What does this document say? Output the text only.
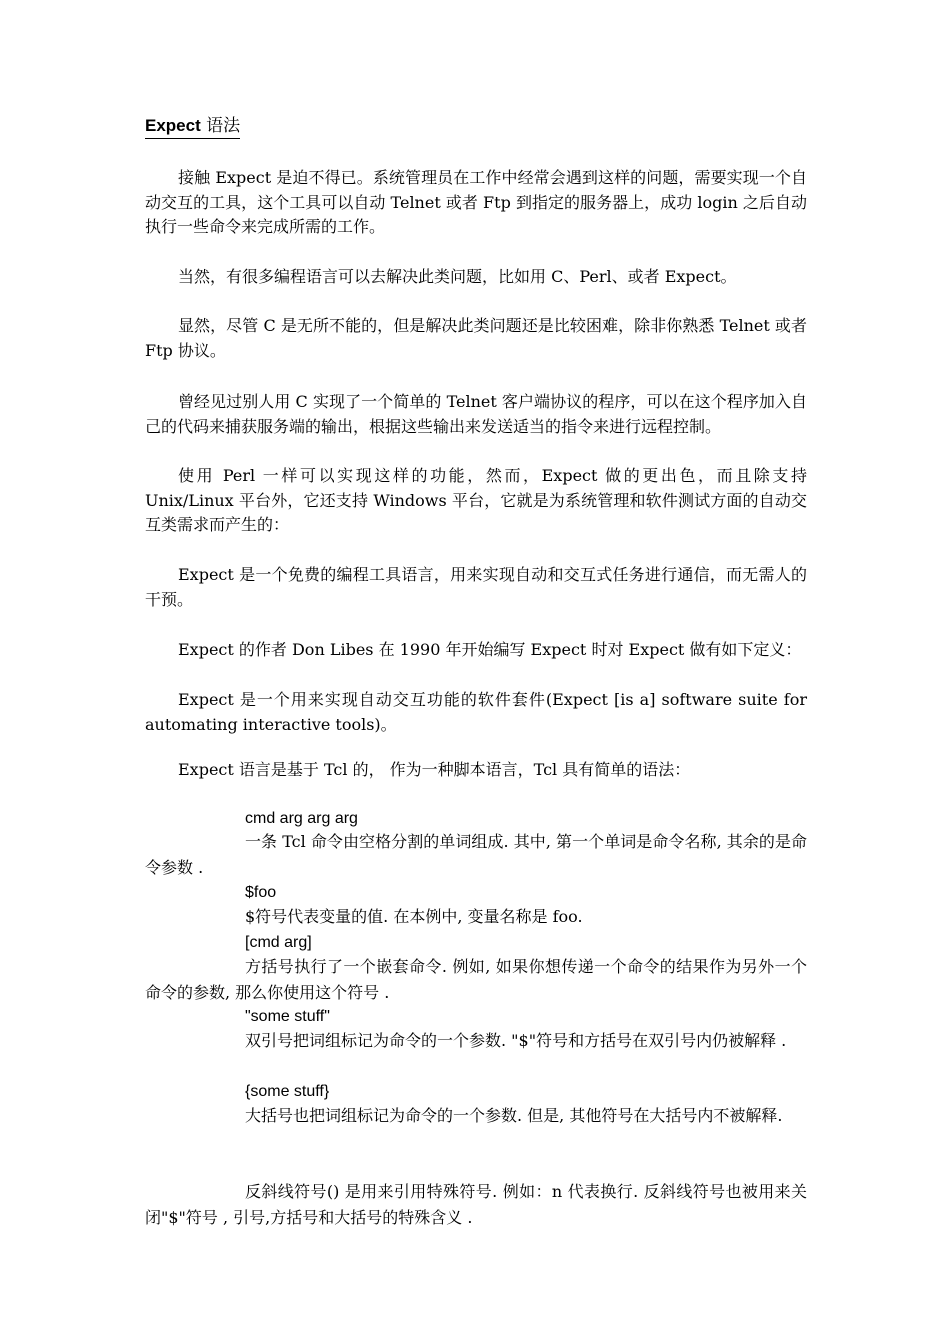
Expect 语法

接触 Expect 是迫不得已。系统管理员在工作中经常会遇到这样的问题，需要实现一个自动交互的工具，这个工具可以自动 Telnet 或者 Ftp 到指定的服务器上，成功 login 之后自动执行一些命令来完成所需的工作。

当然，有很多编程语言可以去解决此类问题，比如用 C、Perl、或者 Expect。

显然，尽管 C 是无所不能的，但是解决此类问题还是比较困难，除非你熟悉 Telnet 或者 Ftp 协议。

曾经见过别人用 C 实现了一个简单的 Telnet 客户端协议的程序，可以在这个程序加入自己的代码来捕获服务端的输出，根据这些输出来发送适当的指令来进行远程控制。

使用 Perl 一样可以实现这样的功能，然而，Expect 做的更出色，而且除支持 Unix/Linux 平台外，它还支持 Windows 平台，它就是为系统管理和软件测试方面的自动交互类需求而产生的：

Expect 是一个免费的编程工具语言，用来实现自动和交互式任务进行通信，而无需人的干预。

Expect 的作者 Don Libes 在 1990 年开始编写 Expect 时对 Expect 做有如下定义：

Expect 是一个用来实现自动交互功能的软件套件(Expect [is a] software suite for automating interactive tools)。

Expect 语言是基于 Tcl 的， 作为一种脚本语言，Tcl 具有简单的语法：

cmd arg arg arg

一条 Tcl 命令由空格分割的单词组成. 其中, 第一个单词是命令名称, 其余的是命令参数 .

$foo

$符号代表变量的值. 在本例中, 变量名称是 foo.

[cmd arg]

方括号执行了一个嵌套命令. 例如, 如果你想传递一个命令的结果作为另外一个命令的参数, 那么你使用这个符号 .

"some stuff"

双引号把词组标记为命令的一个参数. "$"符号和方括号在双引号内仍被解释 .

{some stuff}

大括号也把词组标记为命令的一个参数. 但是, 其他符号在大括号内不被解释.

反斜线符号() 是用来引用特殊符号. 例如：n 代表换行. 反斜线符号也被用来关闭"$"符号 , 引号,方括号和大括号的特殊含义 .
